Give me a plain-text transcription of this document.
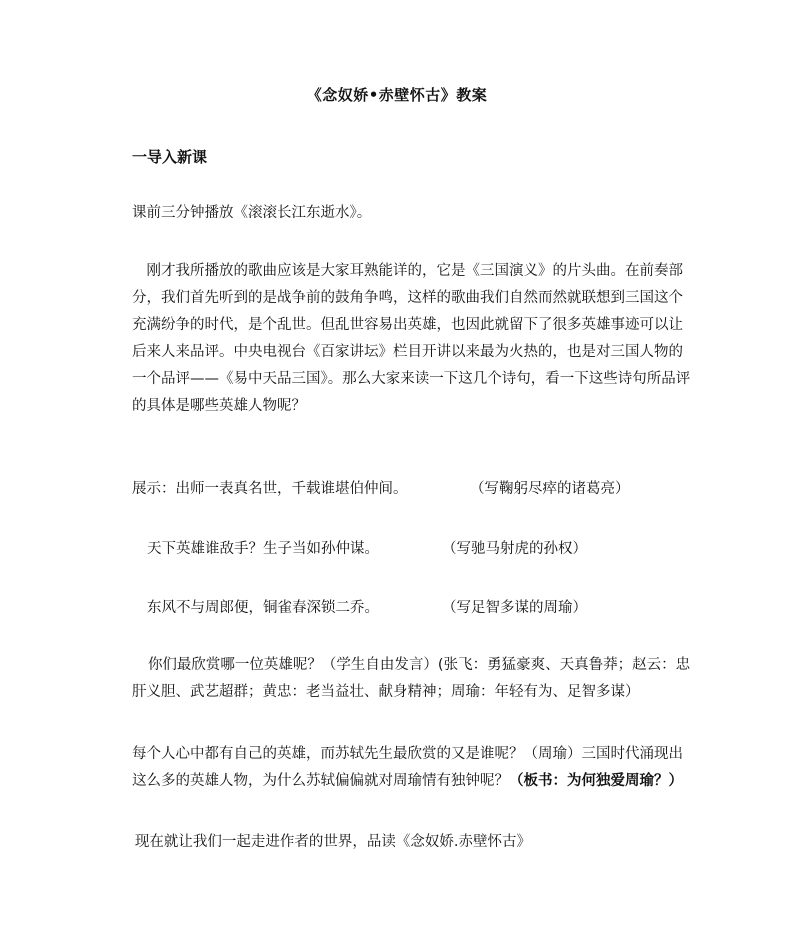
《念奴娇•赤壁怀古》教案
一导入新课

课前三分钟播放《滚滚长江东逝水》。

刚才我所播放的歌曲应该是大家耳熟能详的，它是《三国演义》的片头曲。在前奏部分，我们首先听到的是战争前的鼓角争鸣，这样的歌曲我们自然而然就联想到三国这个充满纷争的时代，是个乱世。但乱世容易出英雄，也因此就留下了很多英雄事迹可以让后来人来品评。中央电视台《百家讲坛》栏目开讲以来最为火热的，也是对三国人物的一个品评——《易中天品三国》。那么大家来读一下这几个诗句，看一下这些诗句所品评的具体是哪些英雄人物呢？

展示：出师一表真名世，千载谁堪伯仲间。	（写鞠躬尽瘁的诸葛亮）
天下英雄谁敌手？生子当如孙仲谋。	（写驰马射虎的孙权）
东风不与周郎便，铜雀春深锁二乔。	（写足智多谋的周瑜）

你们最欣赏哪一位英雄呢？（学生自由发言）(张飞：勇猛豪爽、天真鲁莽；赵云：忠肝义胆、武艺超群；黄忠：老当益壮、献身精神；周瑜：年轻有为、足智多谋）

每个人心中都有自己的英雄，而苏轼先生最欣赏的又是谁呢？（周瑜）三国时代涌现出这么多的英雄人物，为什么苏轼偏偏就对周瑜情有独钟呢？（板书：为何独爱周瑜？）

现在就让我们一起走进作者的世界，品读《念奴娇.赤壁怀古》
